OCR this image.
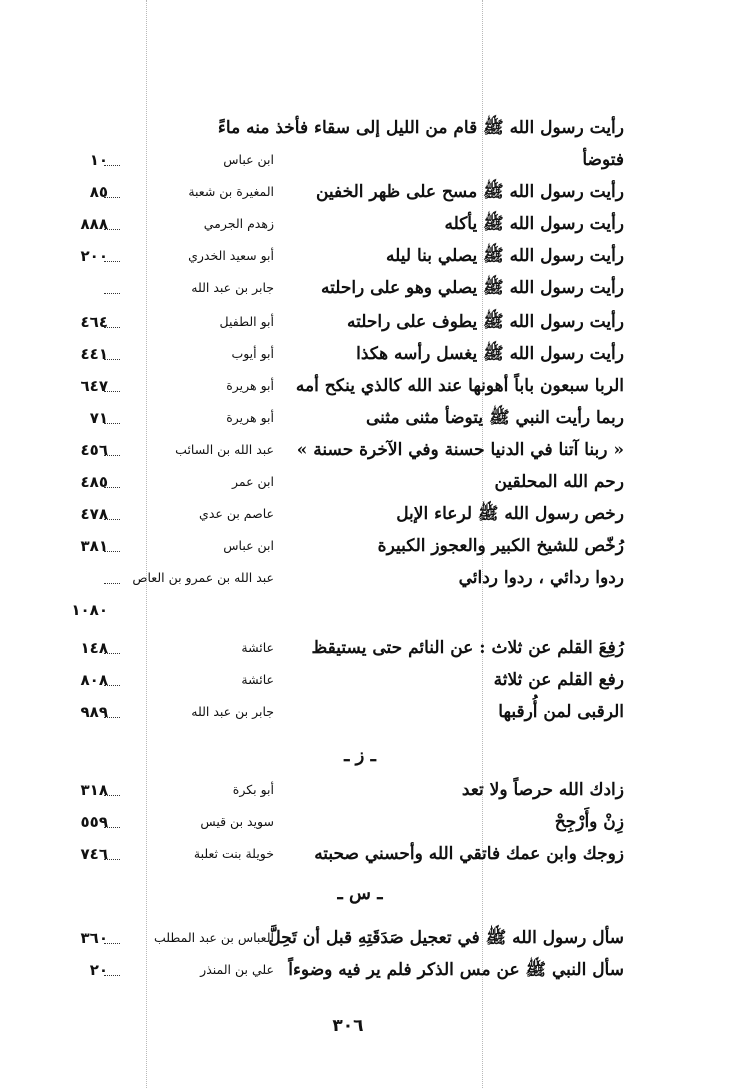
رأيت رسول الله ﷺ قام من الليل إلى سقاء فأخذ منه ماءً
فتوضأ
ابن عباس
١٠
رأيت رسول الله ﷺ مسح على ظهر الخفين
المغيرة بن شعبة
٨٥
رأيت رسول الله ﷺ يأكله
زهدم الجرمي
٨٨٨
رأيت رسول الله ﷺ يصلي بنا ليله
أبو سعيد الخدري
٢٠٠
رأيت رسول الله ﷺ يصلي وهو على راحلته
جابر بن عبد الله
رأيت رسول الله ﷺ يطوف على راحلته
أبو الطفيل
٤٦٤
رأيت رسول الله ﷺ يغسل رأسه هكذا
أبو أيوب
٤٤١
الربا سبعون باباً أهونها عند الله كالذي ينكح أمه
أبو هريرة
٦٤٧
ربما رأيت النبي ﷺ يتوضأ مثنى مثنى
أبو هريرة
٧١
« ربنا آتنا في الدنيا حسنة وفي الآخرة حسنة »
عبد الله بن السائب
٤٥٦
رحم الله المحلقين
ابن عمر
٤٨٥
رخص رسول الله ﷺ لرعاء الإبل
عاصم بن عدي
٤٧٨
رُخّص للشيخ الكبير والعجوز الكبيرة
ابن عباس
٣٨١
ردوا ردائي ، ردوا ردائي
عبد الله بن عمرو بن العاص
١٠٨٠
رُفِعَ القلم عن ثلاث : عن النائم حتى يستيقظ
عائشة
١٤٨
رفع القلم عن ثلاثة
عائشة
٨٠٨
الرقبى لمن أُرقبها
جابر بن عبد الله
٩٨٩
ـ ز ـ
زادك الله حرصاً ولا تعد
أبو بكرة
٣١٨
زِنْ وأَرْجِحْ
سويد بن قيس
٥٥٩
زوجك وابن عمك فاتقي الله وأحسني صحبته
خويلة بنت ثعلبة
٧٤٦
ـ س ـ
سأل رسول الله ﷺ في تعجيل صَدَقَتِهِ قبل أن تَحِلَّ
العباس بن عبد المطلب
٣٦٠
سأل النبي ﷺ عن مس الذكر فلم ير فيه وضوءاً
علي بن المنذر
٢٠
٣٠٦
